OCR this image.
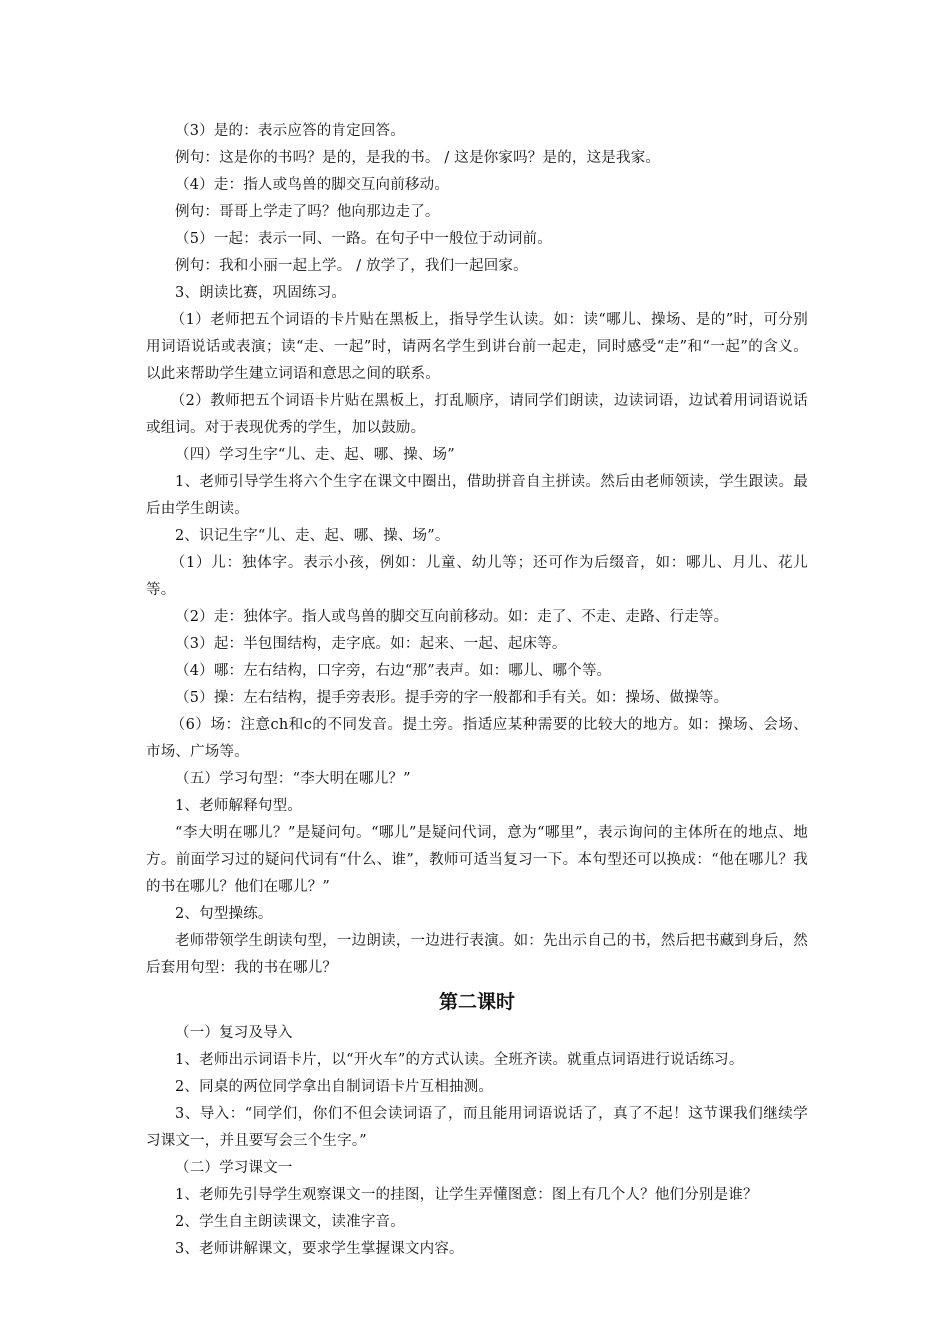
（3）是的：表示应答的肯定回答。

例句：这是你的书吗？是的，是我的书。 / 这是你家吗？是的，这是我家。

（4）走：指人或鸟兽的脚交互向前移动。

例句：哥哥上学走了吗？他向那边走了。

（5）一起：表示一同、一路。在句子中一般位于动词前。

例句：我和小丽一起上学。 / 放学了，我们一起回家。

3、朗读比赛，巩固练习。

（1）老师把五个词语的卡片贴在黑板上，指导学生认读。如：读“哪儿、操场、是的”时，可分别用词语说话或表演；读“走、一起”时，请两名学生到讲台前一起走，同时感受“走”和“一起”的含义。以此来帮助学生建立词语和意思之间的联系。

（2）教师把五个词语卡片贴在黑板上，打乱顺序，请同学们朗读，边读词语，边试着用词语说话或组词。对于表现优秀的学生，加以鼓励。

（四）学习生字“儿、走、起、哪、操、场”

1、老师引导学生将六个生字在课文中圈出，借助拼音自主拼读。然后由老师领读，学生跟读。最后由学生朗读。

2、识记生字“儿、走、起、哪、操、场”。

（1）儿：独体字。表示小孩，例如：儿童、幼儿等；还可作为后缀音，如：哪儿、月儿、花儿等。

（2）走：独体字。指人或鸟兽的脚交互向前移动。如：走了、不走、走路、行走等。

（3）起：半包围结构，走字底。如：起来、一起、起床等。

（4）哪：左右结构，口字旁，右边“那”表声。如：哪儿、哪个等。

（5）操：左右结构，提手旁表形。提手旁的字一般都和手有关。如：操场、做操等。

（6）场：注意ch和c的不同发音。提土旁。指适应某种需要的比较大的地方。如：操场、会场、市场、广场等。

（五）学习句型：“李大明在哪儿？”

1、老师解释句型。

“李大明在哪儿？”是疑问句。“哪儿”是疑问代词，意为“哪里”，表示询问的主体所在的地点、地方。前面学习过的疑问代词有“什么、谁”，教师可适当复习一下。本句型还可以换成：“他在哪儿？我的书在哪儿？他们在哪儿？”

2、句型操练。

老师带领学生朗读句型，一边朗读，一边进行表演。如：先出示自己的书，然后把书藏到身后，然后套用句型：我的书在哪儿？

第二课时

（一）复习及导入

1、老师出示词语卡片，以“开火车”的方式认读。全班齐读。就重点词语进行说话练习。

2、同桌的两位同学拿出自制词语卡片互相抽测。

3、导入：“同学们，你们不但会读词语了，而且能用词语说话了，真了不起！这节课我们继续学习课文一，并且要写会三个生字。”

（二）学习课文一

1、老师先引导学生观察课文一的挂图，让学生弄懂图意：图上有几个人？他们分别是谁？

2、学生自主朗读课文，读准字音。

3、老师讲解课文，要求学生掌握课文内容。
